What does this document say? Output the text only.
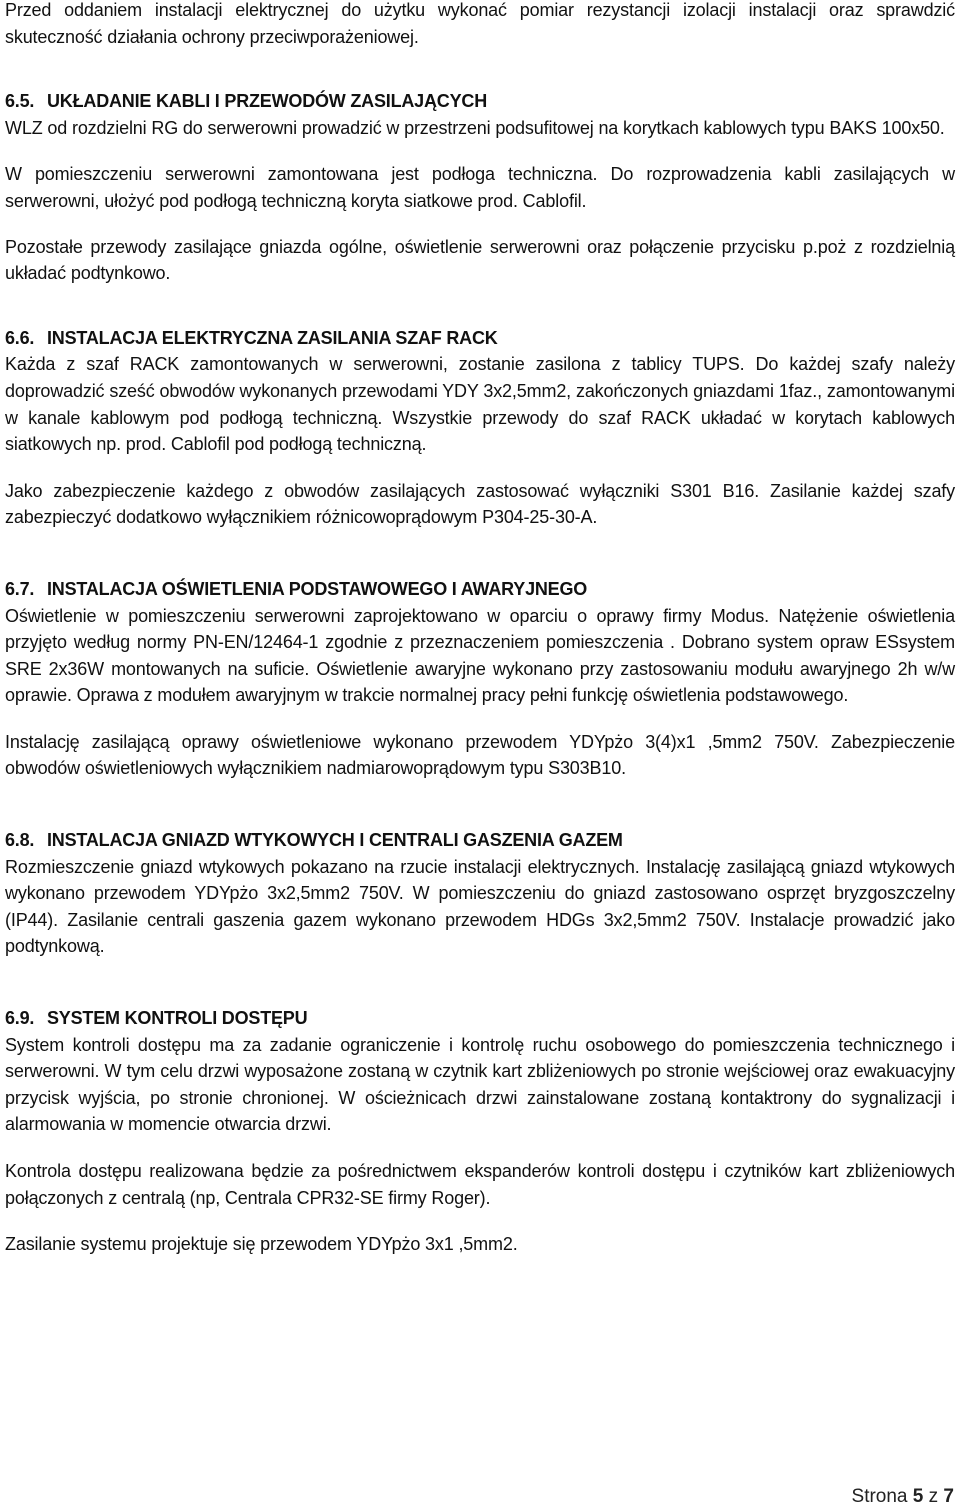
Przed oddaniem instalacji elektrycznej do użytku wykonać pomiar rezystancji izolacji instalacji oraz sprawdzić skuteczność działania ochrony przeciwporażeniowej.

6.5. UKŁADANIE KABLI I PRZEWODÓW ZASILAJĄCYCH

WLZ od rozdzielni RG do serwerowni prowadzić w przestrzeni podsufitowej na korytkach kablowych typu BAKS 100x50.

W pomieszczeniu serwerowni zamontowana jest podłoga techniczna. Do rozprowadzenia kabli zasilających w serwerowni, ułożyć pod podłogą techniczną koryta siatkowe prod. Cablofil.

Pozostałe przewody zasilające gniazda ogólne, oświetlenie serwerowni oraz połączenie przycisku p.poż z rozdzielnią układać podtynkowo.

6.6. INSTALACJA ELEKTRYCZNA ZASILANIA SZAF RACK

Każda z szaf RACK zamontowanych w serwerowni, zostanie zasilona z tablicy TUPS. Do każdej szafy należy doprowadzić sześć obwodów wykonanych przewodami YDY 3x2,5mm2, zakończonych gniazdami 1faz., zamontowanymi w kanale kablowym pod podłogą techniczną. Wszystkie przewody do szaf RACK układać w korytach kablowych siatkowych np. prod. Cablofil pod podłogą techniczną.

Jako zabezpieczenie każdego z obwodów zasilających zastosować wyłączniki S301 B16. Zasilanie każdej szafy zabezpieczyć dodatkowo wyłącznikiem różnicowoprądowym P304-25-30-A.

6.7. INSTALACJA OŚWIETLENIA PODSTAWOWEGO I AWARYJNEGO

Oświetlenie w pomieszczeniu serwerowni zaprojektowano w oparciu o oprawy firmy Modus. Natężenie oświetlenia przyjęto według normy PN-EN/12464-1 zgodnie z przeznaczeniem pomieszczenia . Dobrano system opraw ESsystem SRE 2x36W montowanych na suficie. Oświetlenie awaryjne wykonano przy zastosowaniu modułu awaryjnego 2h w/w oprawie. Oprawa z modułem awaryjnym w trakcie normalnej pracy pełni funkcję oświetlenia podstawowego.

Instalację zasilającą oprawy oświetleniowe wykonano przewodem YDYpżo 3(4)x1 ,5mm2 750V. Zabezpieczenie obwodów oświetleniowych wyłącznikiem nadmiarowoprądowym typu S303B10.

6.8. INSTALACJA GNIAZD WTYKOWYCH I CENTRALI GASZENIA GAZEM

Rozmieszczenie gniazd wtykowych pokazano na rzucie instalacji elektrycznych. Instalację zasilającą gniazd wtykowych wykonano przewodem YDYpżo 3x2,5mm2 750V. W pomieszczeniu do gniazd zastosowano osprzęt bryzgoszczelny (IP44). Zasilanie centrali gaszenia gazem wykonano przewodem HDGs 3x2,5mm2 750V. Instalacje prowadzić jako podtynkową.

6.9. SYSTEM KONTROLI DOSTĘPU

System kontroli dostępu ma za zadanie ograniczenie i kontrolę ruchu osobowego do pomieszczenia technicznego i serwerowni. W tym celu drzwi wyposażone zostaną w czytnik kart zbliżeniowych po stronie wejściowej oraz ewakuacyjny przycisk wyjścia, po stronie chronionej. W ościeżnicach drzwi zainstalowane zostaną kontaktrony do sygnalizacji i alarmowania w momencie otwarcia drzwi.

Kontrola dostępu realizowana będzie za pośrednictwem ekspanderów kontroli dostępu i czytników kart zbliżeniowych połączonych z centralą (np, Centrala CPR32-SE firmy Roger).

Zasilanie systemu projektuje się przewodem YDYpżo 3x1 ,5mm2.

Strona 5 z 7
